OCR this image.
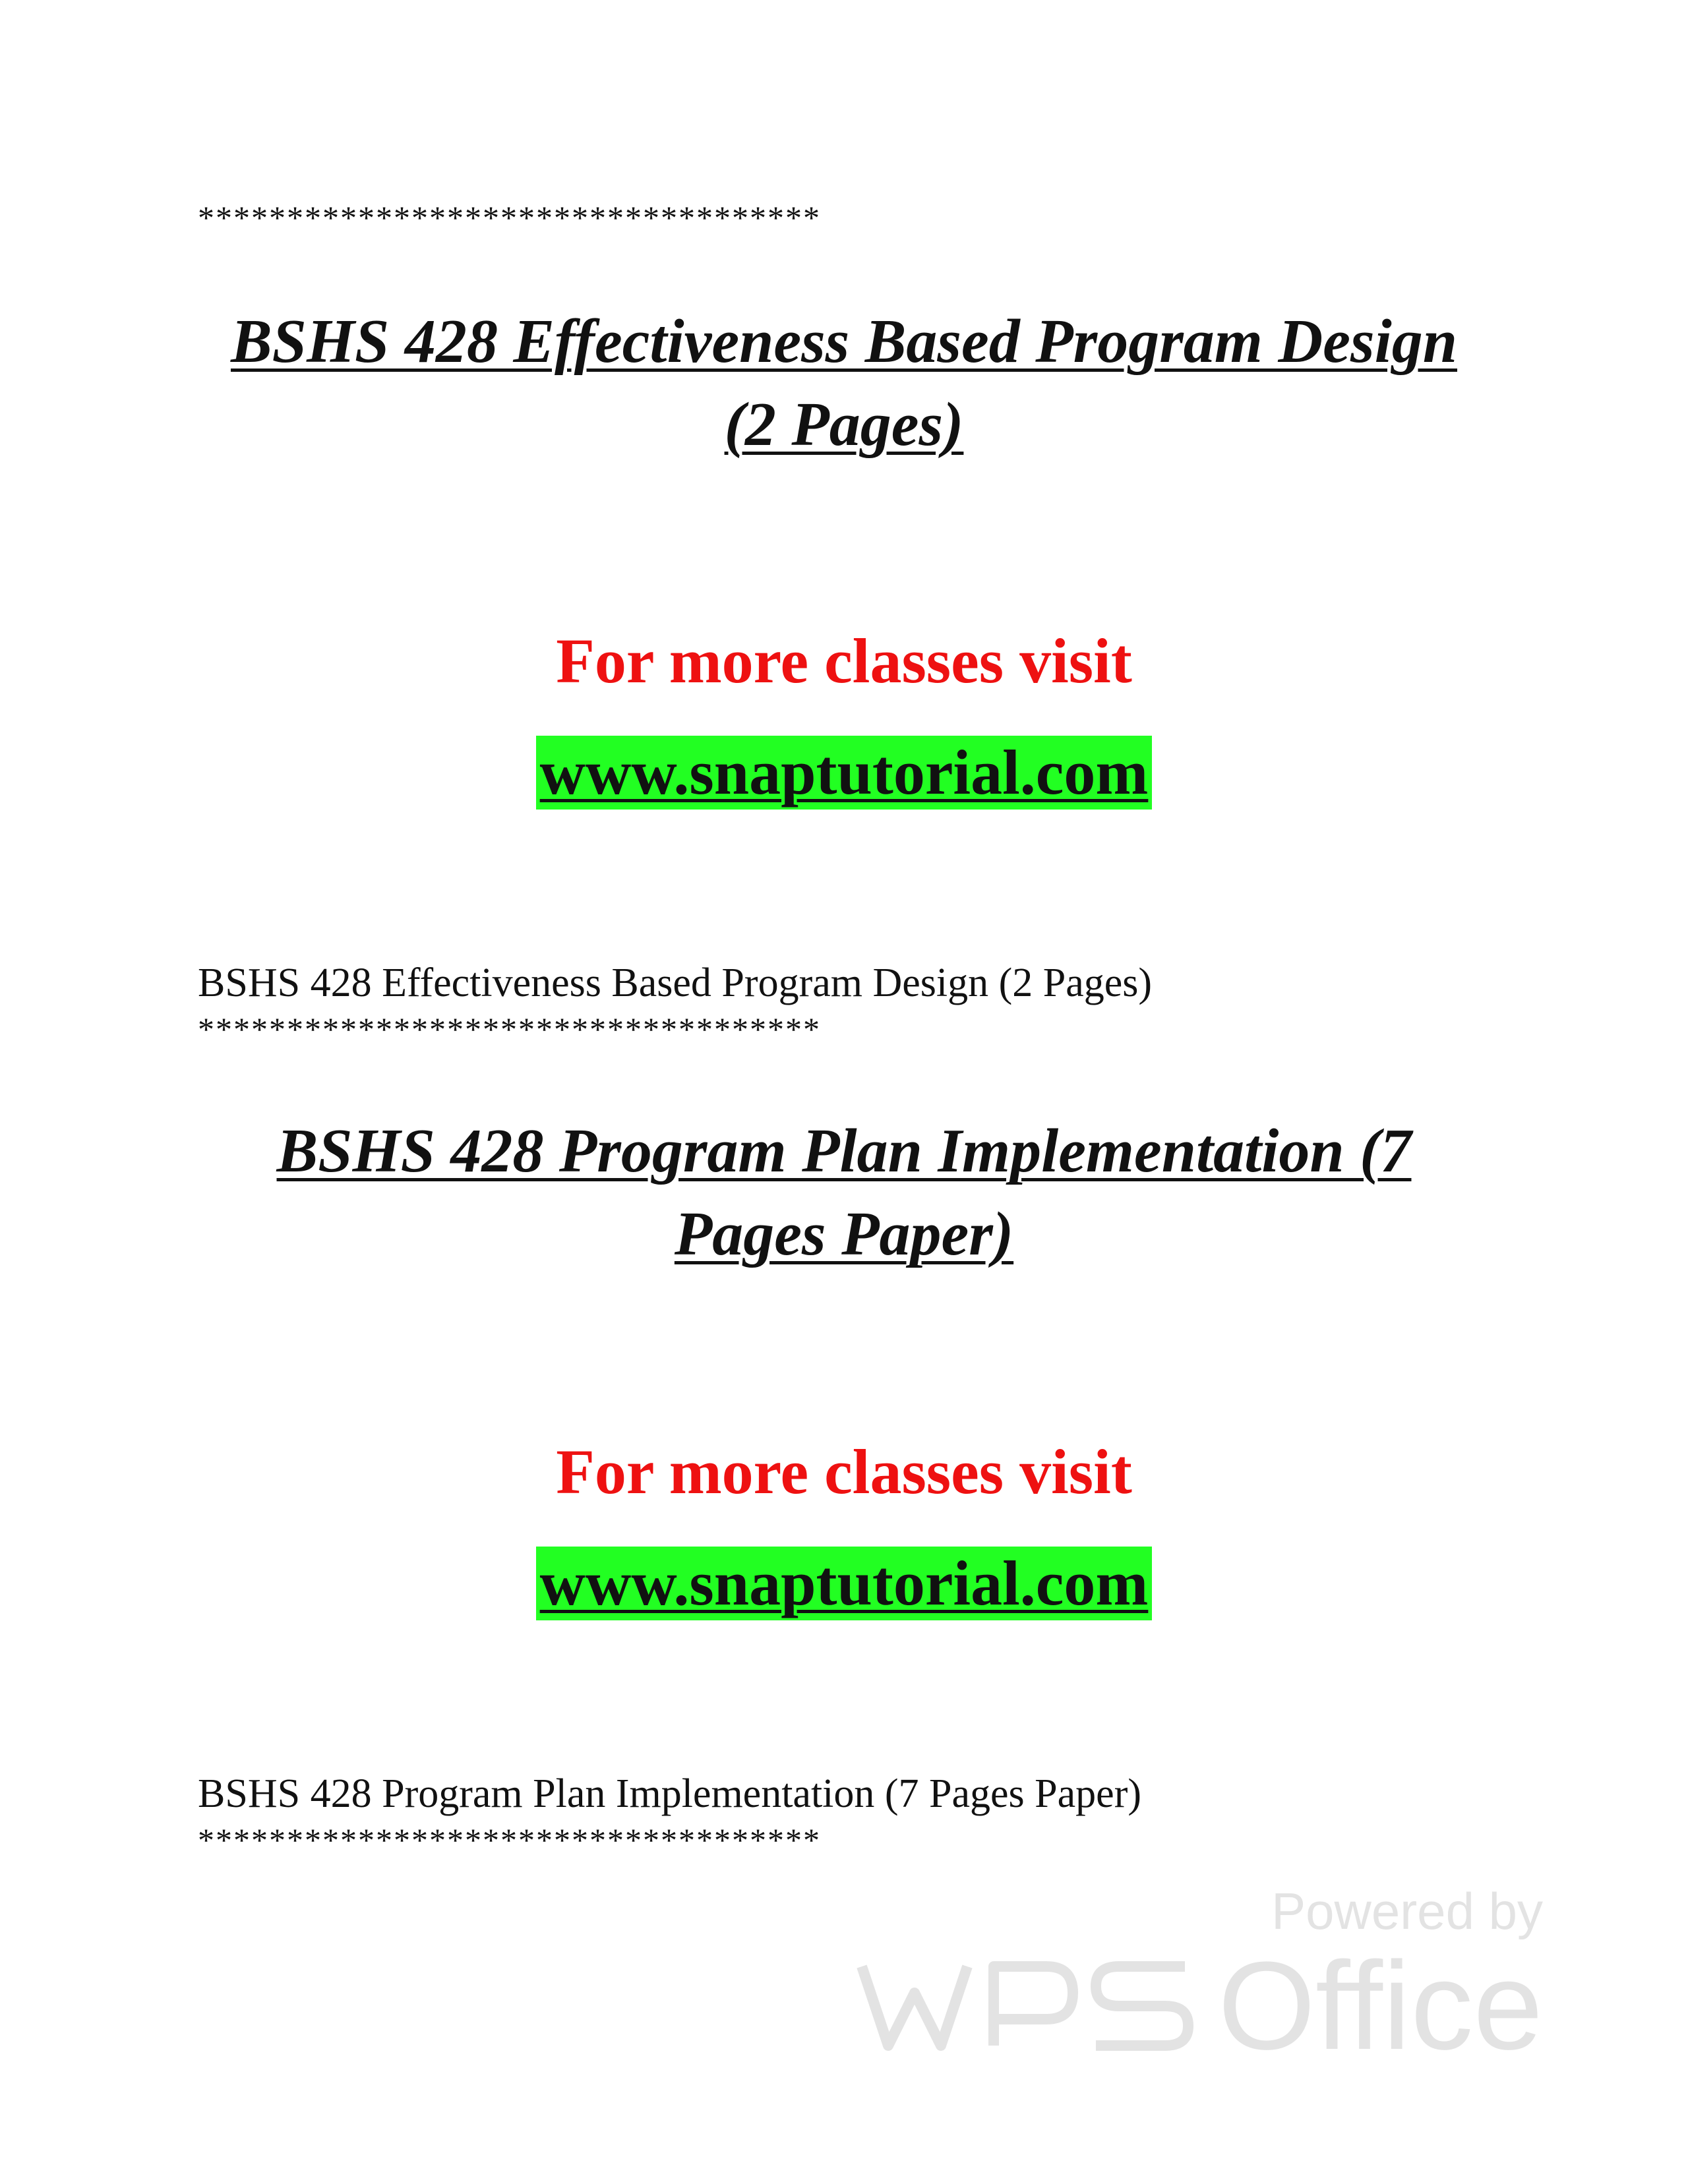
***********************************
BSHS 428 Effectiveness Based Program Design
(2 Pages)
For more classes visit
www.snaptutorial.com
BSHS 428 Effectiveness Based Program Design (2 Pages)
***********************************
BSHS 428 Program Plan Implementation (7
Pages Paper)
For more classes visit
www.snaptutorial.com
BSHS 428 Program Plan Implementation (7 Pages Paper)
***********************************
Powered by
Office
